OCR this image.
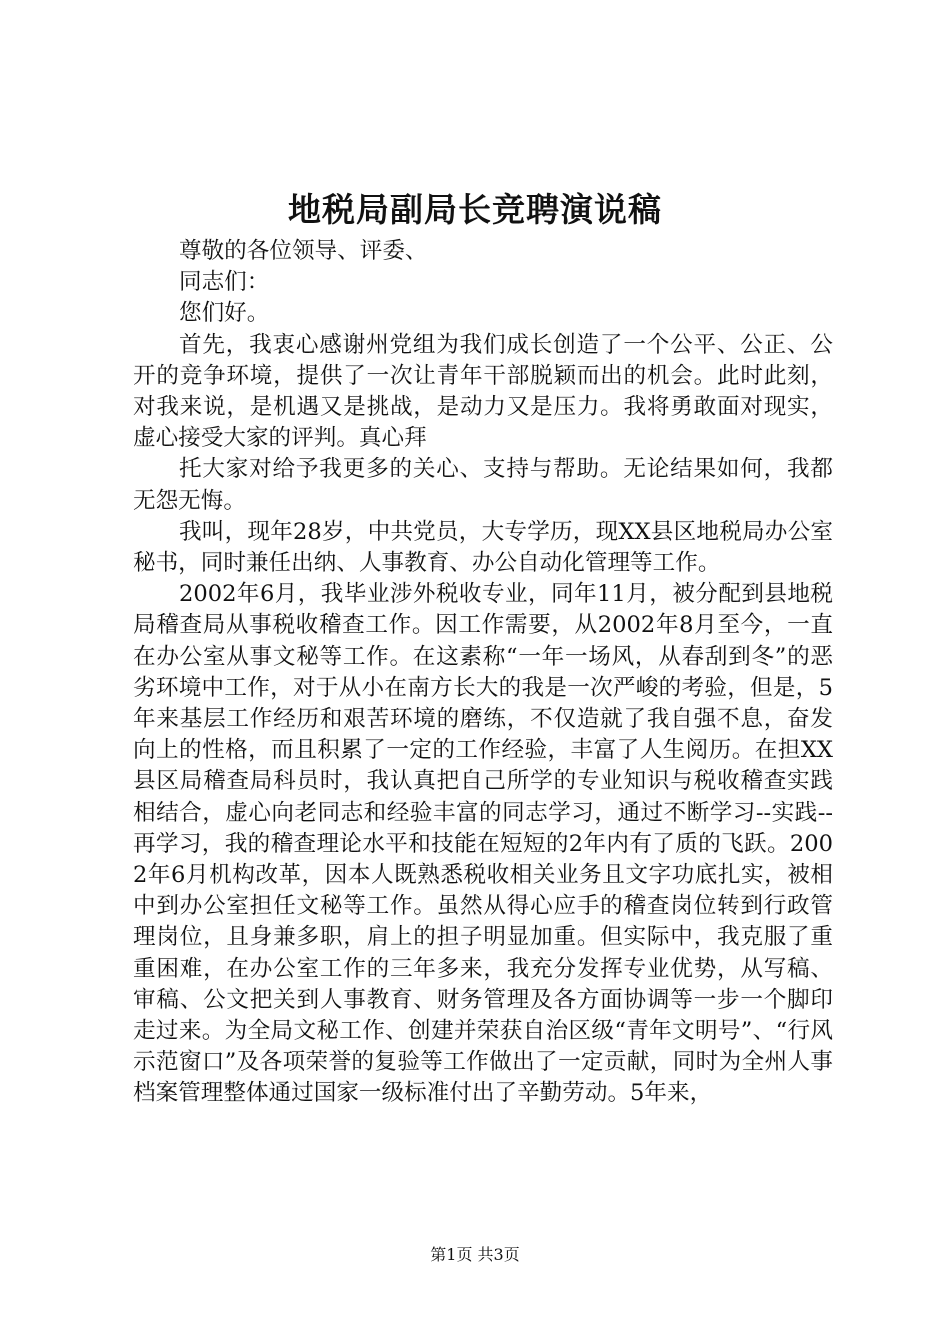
地税局副局长竞聘演说稿

尊敬的各位领导、评委、

同志们：

您们好。

首先，我衷心感谢州党组为我们成长创造了一个公平、公正、公开的竞争环境，提供了一次让青年干部脱颖而出的机会。此时此刻，对我来说，是机遇又是挑战，是动力又是压力。我将勇敢面对现实，虚心接受大家的评判。真心拜

托大家对给予我更多的关心、支持与帮助。无论结果如何，我都无怨无悔。

我叫，现年28岁，中共党员，大专学历，现XX县区地税局办公室秘书，同时兼任出纳、人事教育、办公自动化管理等工作。

2002年6月，我毕业涉外税收专业，同年11月，被分配到县地税局稽查局从事税收稽查工作。因工作需要，从2002年8月至今，一直在办公室从事文秘等工作。在这素称“一年一场风，从春刮到冬”的恶劣环境中工作，对于从小在南方长大的我是一次严峻的考验，但是，5年来基层工作经历和艰苦环境的磨练，不仅造就了我自强不息，奋发向上的性格，而且积累了一定的工作经验，丰富了人生阅历。在担XX县区局稽查局科员时，我认真把自己所学的专业知识与税收稽查实践相结合，虚心向老同志和经验丰富的同志学习，通过不断学习--实践--再学习，我的稽查理论水平和技能在短短的2年内有了质的飞跃。2002年6月机构改革，因本人既熟悉税收相关业务且文字功底扎实，被相中到办公室担任文秘等工作。虽然从得心应手的稽查岗位转到行政管理岗位，且身兼多职，肩上的担子明显加重。但实际中，我克服了重重困难，在办公室工作的三年多来，我充分发挥专业优势，从写稿、审稿、公文把关到人事教育、财务管理及各方面协调等一步一个脚印走过来。为全局文秘工作、创建并荣获自治区级“青年文明号”、“行风示范窗口”及各项荣誉的复验等工作做出了一定贡献，同时为全州人事档案管理整体通过国家一级标准付出了辛勤劳动。5年来，

第1页 共3页
